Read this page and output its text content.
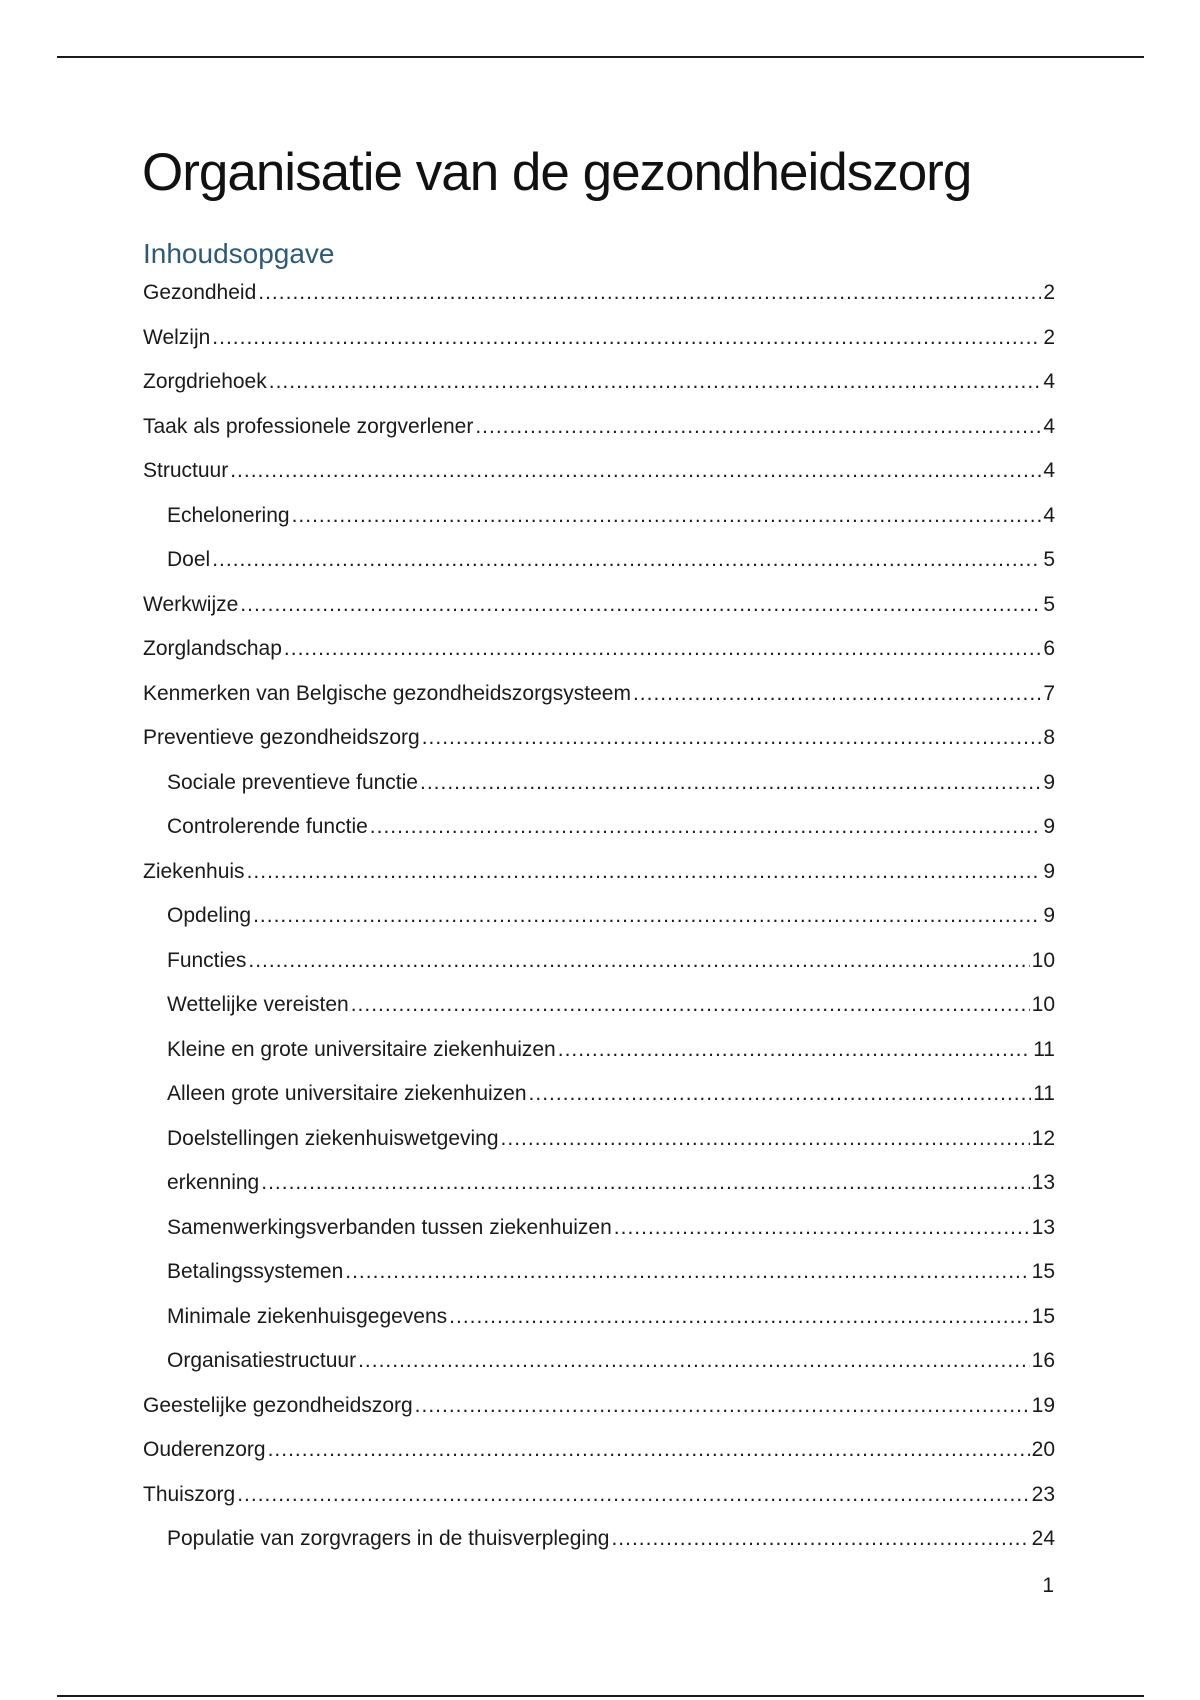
Organisatie van de gezondheidszorg
Inhoudsopgave
Gezondheid .....	2
Welzijn .....	2
Zorgdriehoek .....	4
Taak als professionele zorgverlener .....	4
Structuur .....	4
Echelonering .....	4
Doel .....	5
Werkwijze .....	5
Zorglandschap .....	6
Kenmerken van Belgische gezondheidszorgsysteem .....	7
Preventieve gezondheidszorg .....	8
Sociale preventieve functie .....	9
Controlerende functie .....	9
Ziekenhuis .....	9
Opdeling .....	9
Functies .....	10
Wettelijke vereisten .....	10
Kleine en grote universitaire ziekenhuizen .....	11
Alleen grote universitaire ziekenhuizen .....	11
Doelstellingen ziekenhuiswetgeving .....	12
erkenning .....	13
Samenwerkingsverbanden tussen ziekenhuizen .....	13
Betalingssystemen .....	15
Minimale ziekenhuisgegevens .....	15
Organisatiestructuur .....	16
Geestelijke gezondheidszorg .....	19
Ouderenzorg .....	20
Thuiszorg .....	23
Populatie van zorgvragers in de thuisverpleging .....	24
1
